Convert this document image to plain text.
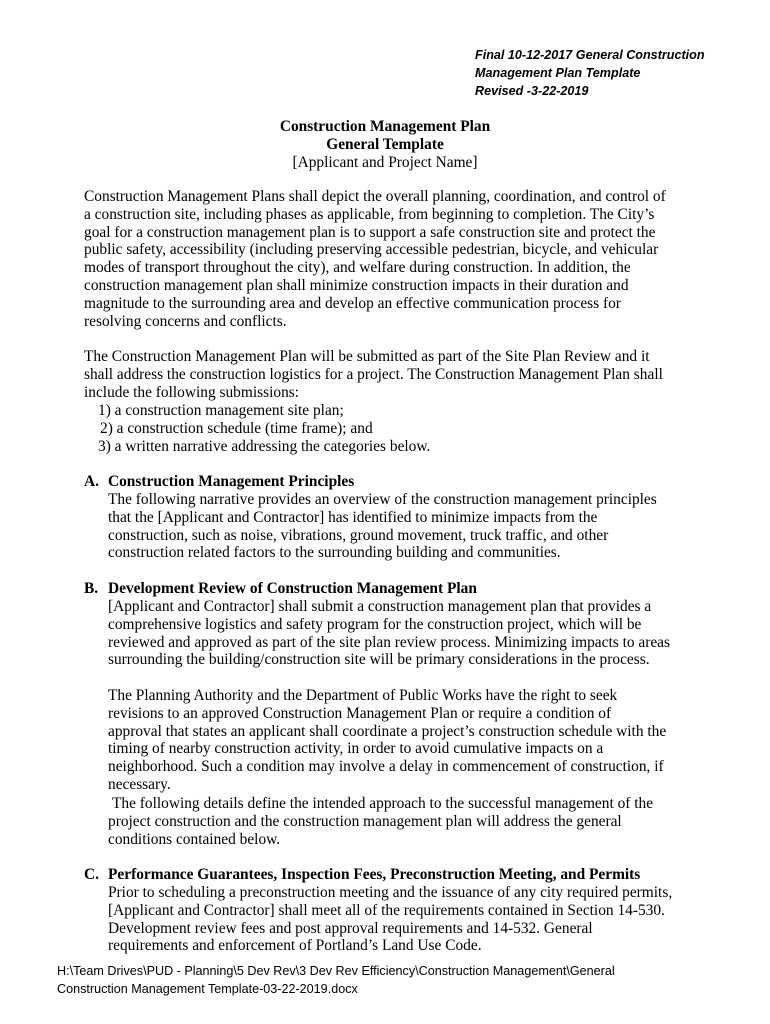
Final 10-12-2017 General Construction
Management Plan Template
Revised -3-22-2019
Construction Management Plan
General Template
[Applicant and Project Name]

Construction Management Plans shall depict the overall planning, coordination, and control of a construction site, including phases as applicable, from beginning to completion. The City’s goal for a construction management plan is to support a safe construction site and protect the public safety, accessibility (including preserving accessible pedestrian, bicycle, and vehicular modes of transport throughout the city), and welfare during construction. In addition, the construction management plan shall minimize construction impacts in their duration and magnitude to the surrounding area and develop an effective communication process for resolving concerns and conflicts.

The Construction Management Plan will be submitted as part of the Site Plan Review and it shall address the construction logistics for a project. The Construction Management Plan shall include the following submissions:

1) a construction management site plan;
2) a construction schedule (time frame); and
3) a written narrative addressing the categories below.
A. Construction Management Principles

The following narrative provides an overview of the construction management principles that the [Applicant and Contractor] has identified to minimize impacts from the construction, such as noise, vibrations, ground movement, truck traffic, and other construction related factors to the surrounding building and communities.

B. Development Review of Construction Management Plan

[Applicant and Contractor] shall submit a construction management plan that provides a comprehensive logistics and safety program for the construction project, which will be reviewed and approved as part of the site plan review process. Minimizing impacts to areas surrounding the building/construction site will be primary considerations in the process.

The Planning Authority and the Department of Public Works have the right to seek revisions to an approved Construction Management Plan or require a condition of approval that states an applicant shall coordinate a project’s construction schedule with the timing of nearby construction activity, in order to avoid cumulative impacts on a neighborhood. Such a condition may involve a delay in commencement of construction, if necessary.

The following details define the intended approach to the successful management of the project construction and the construction management plan will address the general conditions contained below.

C. Performance Guarantees, Inspection Fees, Preconstruction Meeting, and Permits

Prior to scheduling a preconstruction meeting and the issuance of any city required permits, [Applicant and Contractor] shall meet all of the requirements contained in Section 14-530. Development review fees and post approval requirements and 14-532. General requirements and enforcement of Portland’s Land Use Code.

H:\Team Drives\PUD - Planning\5 Dev Rev\3 Dev Rev Efficiency\Construction Management\General
Construction Management Template-03-22-2019.docx
